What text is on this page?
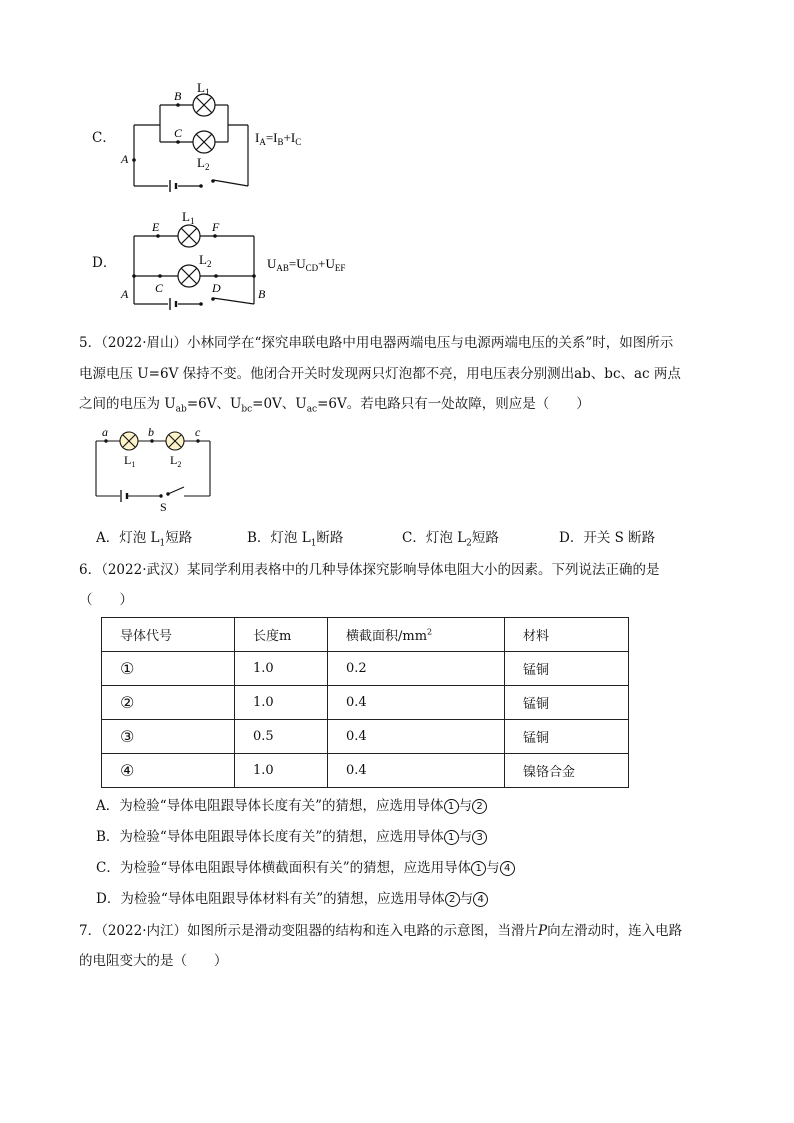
C．
B
C
A
$L_1$
$L_2$
$I_A=I_B+I_C$
D．
E	F
C	D
A	B
$L_1$
$L_2$	$U_{AB}=U_{CD}+U_{EF}$
5．（2022·眉山）小林同学在“探究串联电路中用电器两端电压与电源两端电压的关系”时，如图所示
电源电压 U=6V 保持不变。他闭合开关时发现两只灯泡都不亮，用电压表分别测出ab、bc、ac 两点
之间的电压为 $U_{ab}=6V$、$U_{bc}=0V$、$U_{ac}=6V$。若电路只有一处故障，则应是（　　）
a	b	c
$L_1$	$L_2$
S
A．灯泡 $L_1$短路	B．灯泡 $L_1$断路	C．灯泡 $L_2$短路	D．开关 S 断路
6．（2022·武汉）某同学利用表格中的几种导体探究影响导体电阻大小的因素。下列说法正确的是
（　　）
导体代号	长度m	横截面积$/mm^2$	材料
①	1.0	0.2	锰铜
②	1.0	0.4	锰铜
③	0.5	0.4	锰铜
④	1.0	0.4	镍铬合金
A．为检验“导体电阻跟导体长度有关”的猜想，应选用导体 1 与 2
B．为检验“导体电阻跟导体长度有关”的猜想，应选用导体 1 与 3
C．为检验“导体电阻跟导体横截面积有关”的猜想，应选用导体 1 与 4
D．为检验“导体电阻跟导体材料有关”的猜想，应选用导体 2 与 4
7．（2022·内江）如图所示是滑动变阻器的结构和连入电路的示意图，当滑片P向左滑动时，连入电路
的电阻变大的是（　　）
